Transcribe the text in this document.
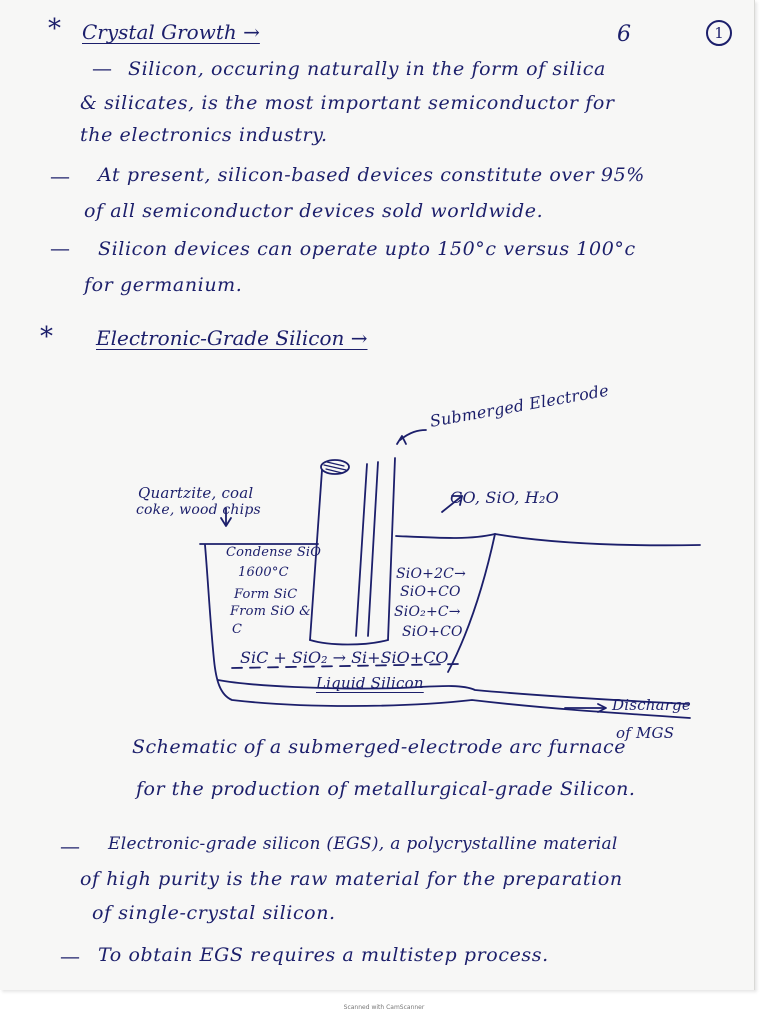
6	1
* Crystal Growth →
— Silicon, occuring naturally in the form of silica
& silicates, is the most important semiconductor for
the electronics industry.
— At present, silicon-based devices constitute over 95%
of all semiconductor devices sold worldwide.
— Silicon devices can operate upto 150°c versus 100°c
for germanium.
* Electronic-Grade Silicon →
Submerged Electrode
Quartzite, coal
coke, wood chips
CO, SiO, H₂O
Condense SiO
1600°C
Form SiC
From SiO &
C
SiO+2C→
SiO+CO
SiO₂+C→
SiO+CO
SiC + SiO₂ → Si+SiO+CO
Liquid Silicon
Discharge
of MGS
Schematic of a submerged-electrode arc furnace
for the production of metallurgical-grade Silicon.
— Electronic-grade silicon (EGS), a polycrystalline material
of high purity is the raw material for the preparation
of single-crystal silicon.
— To obtain EGS requires a multistep process.
Scanned with CamScanner
